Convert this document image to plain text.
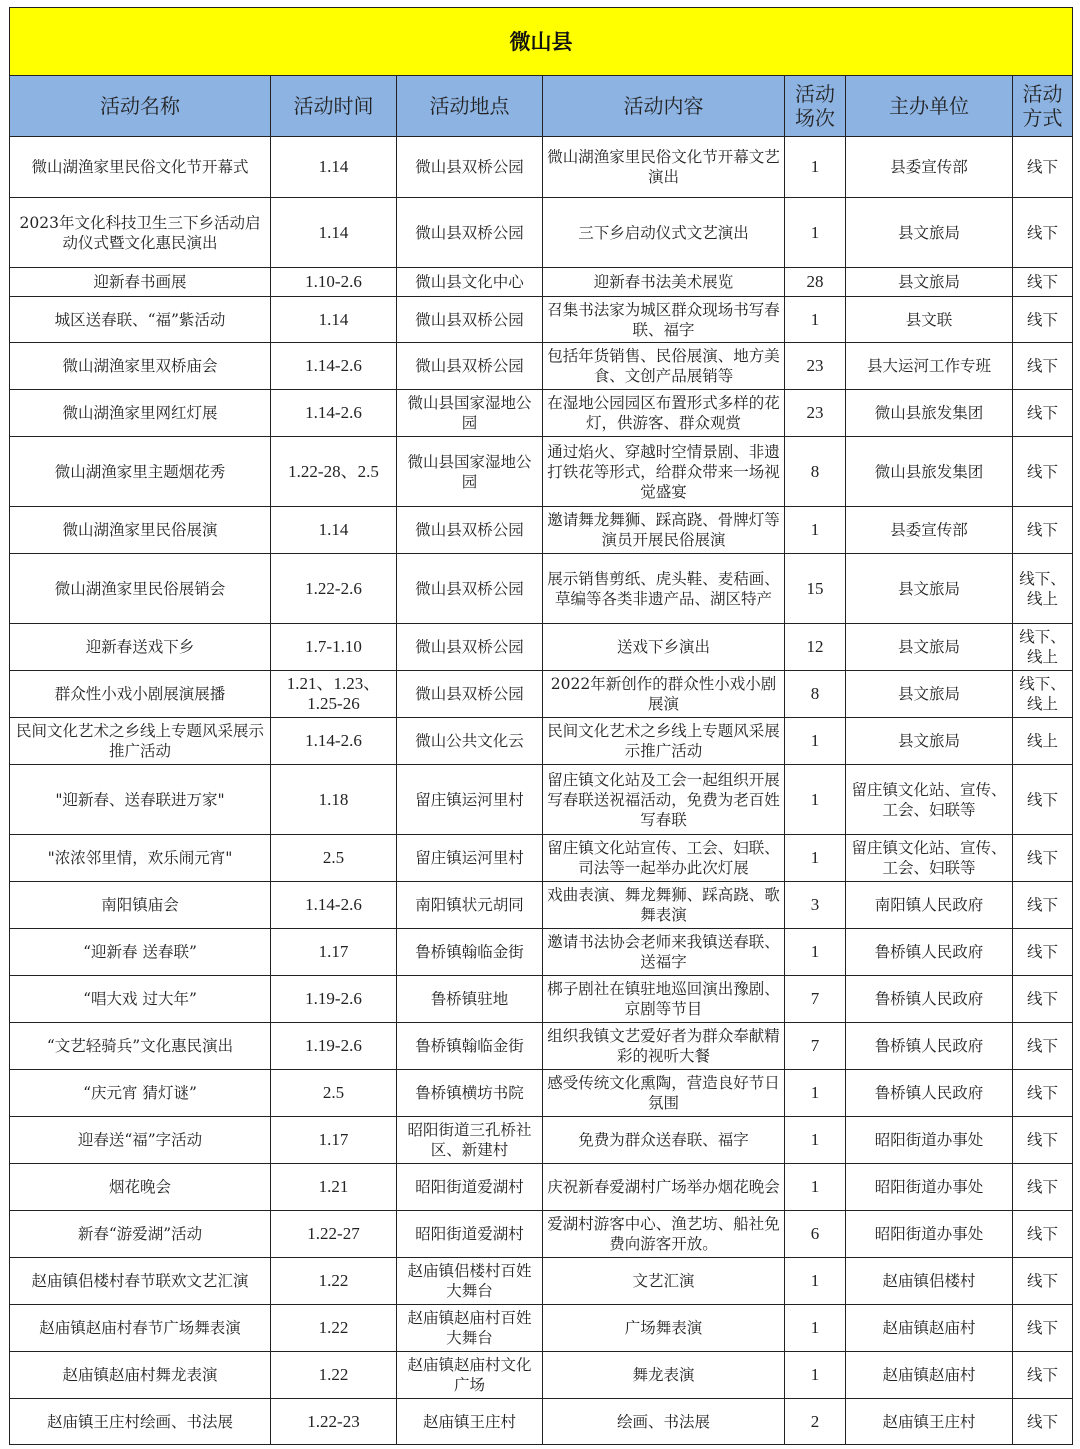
微山县						
活动名称	活动时间	活动地点	活动内容	活动场次	主办单位	活动方式
微山湖渔家里民俗文化节开幕式	1.14	微山县双桥公园	微山湖渔家里民俗文化节开幕文艺演出	1	县委宣传部	线下
2023年文化科技卫生三下乡活动启动仪式暨文化惠民演出	1.14	微山县双桥公园	三下乡启动仪式文艺演出	1	县文旅局	线下
迎新春书画展	1.10-2.6	微山县文化中心	迎新春书法美术展览	28	县文旅局	线下
城区送春联、“福”紫活动	1.14	微山县双桥公园	召集书法家为城区群众现场书写春联、福字	1	县文联	线下
微山湖渔家里双桥庙会	1.14-2.6	微山县双桥公园	包括年货销售、民俗展演、地方美食、文创产品展销等	23	县大运河工作专班	线下
微山湖渔家里网红灯展	1.14-2.6	微山县国家湿地公园	在湿地公园园区布置形式多样的花灯，供游客、群众观赏	23	微山县旅发集团	线下
微山湖渔家里主题烟花秀	1.22-28、2.5	微山县国家湿地公园	通过焰火、穿越时空情景剧、非遗打铁花等形式，给群众带来一场视觉盛宴	8	微山县旅发集团	线下
微山湖渔家里民俗展演	1.14	微山县双桥公园	邀请舞龙舞狮、踩高跷、骨牌灯等演员开展民俗展演	1	县委宣传部	线下
微山湖渔家里民俗展销会	1.22-2.6	微山县双桥公园	展示销售剪纸、虎头鞋、麦秸画、草编等各类非遗产品、湖区特产	15	县文旅局	线下、线上
迎新春送戏下乡	1.7-1.10	微山县双桥公园	送戏下乡演出	12	县文旅局	线下、线上
群众性小戏小剧展演展播	1.21、1.23、1.25-26	微山县双桥公园	2022年新创作的群众性小戏小剧展演	8	县文旅局	线下、线上
民间文化艺术之乡线上专题风采展示推广活动	1.14-2.6	微山公共文化云	民间文化艺术之乡线上专题风采展示推广活动	1	县文旅局	线上
"迎新春、送春联进万家"	1.18	留庄镇运河里村	留庄镇文化站及工会一起组织开展写春联送祝福活动，免费为老百姓写春联	1	留庄镇文化站、宣传、工会、妇联等	线下
"浓浓邻里情，欢乐闹元宵"	2.5	留庄镇运河里村	留庄镇文化站宣传、工会、妇联、司法等一起举办此次灯展	1	留庄镇文化站、宣传、工会、妇联等	线下
南阳镇庙会	1.14-2.6	南阳镇状元胡同	戏曲表演、舞龙舞狮、踩高跷、歌舞表演	3	南阳镇人民政府	线下
“迎新春 送春联”	1.17	鲁桥镇翰临金街	邀请书法协会老师来我镇送春联、送福字	1	鲁桥镇人民政府	线下
“唱大戏 过大年”	1.19-2.6	鲁桥镇驻地	梆子剧社在镇驻地巡回演出豫剧、京剧等节目	7	鲁桥镇人民政府	线下
“文艺轻骑兵”文化惠民演出	1.19-2.6	鲁桥镇翰临金街	组织我镇文艺爱好者为群众奉献精彩的视听大餐	7	鲁桥镇人民政府	线下
“庆元宵 猜灯谜”	2.5	鲁桥镇横坊书院	感受传统文化熏陶，营造良好节日氛围	1	鲁桥镇人民政府	线下
迎春送“福”字活动	1.17	昭阳街道三孔桥社区、新建村	免费为群众送春联、福字	1	昭阳街道办事处	线下
烟花晚会	1.21	昭阳街道爱湖村	庆祝新春爱湖村广场举办烟花晚会	1	昭阳街道办事处	线下
新春“游爱湖”活动	1.22-27	昭阳街道爱湖村	爱湖村游客中心、渔艺坊、船社免费向游客开放。	6	昭阳街道办事处	线下
赵庙镇侣楼村春节联欢文艺汇演	1.22	赵庙镇侣楼村百姓大舞台	文艺汇演	1	赵庙镇侣楼村	线下
赵庙镇赵庙村春节广场舞表演	1.22	赵庙镇赵庙村百姓大舞台	广场舞表演	1	赵庙镇赵庙村	线下
赵庙镇赵庙村舞龙表演	1.22	赵庙镇赵庙村文化广场	舞龙表演	1	赵庙镇赵庙村	线下
赵庙镇王庄村绘画、书法展	1.22-23	赵庙镇王庄村	绘画、书法展	2	赵庙镇王庄村	线下
